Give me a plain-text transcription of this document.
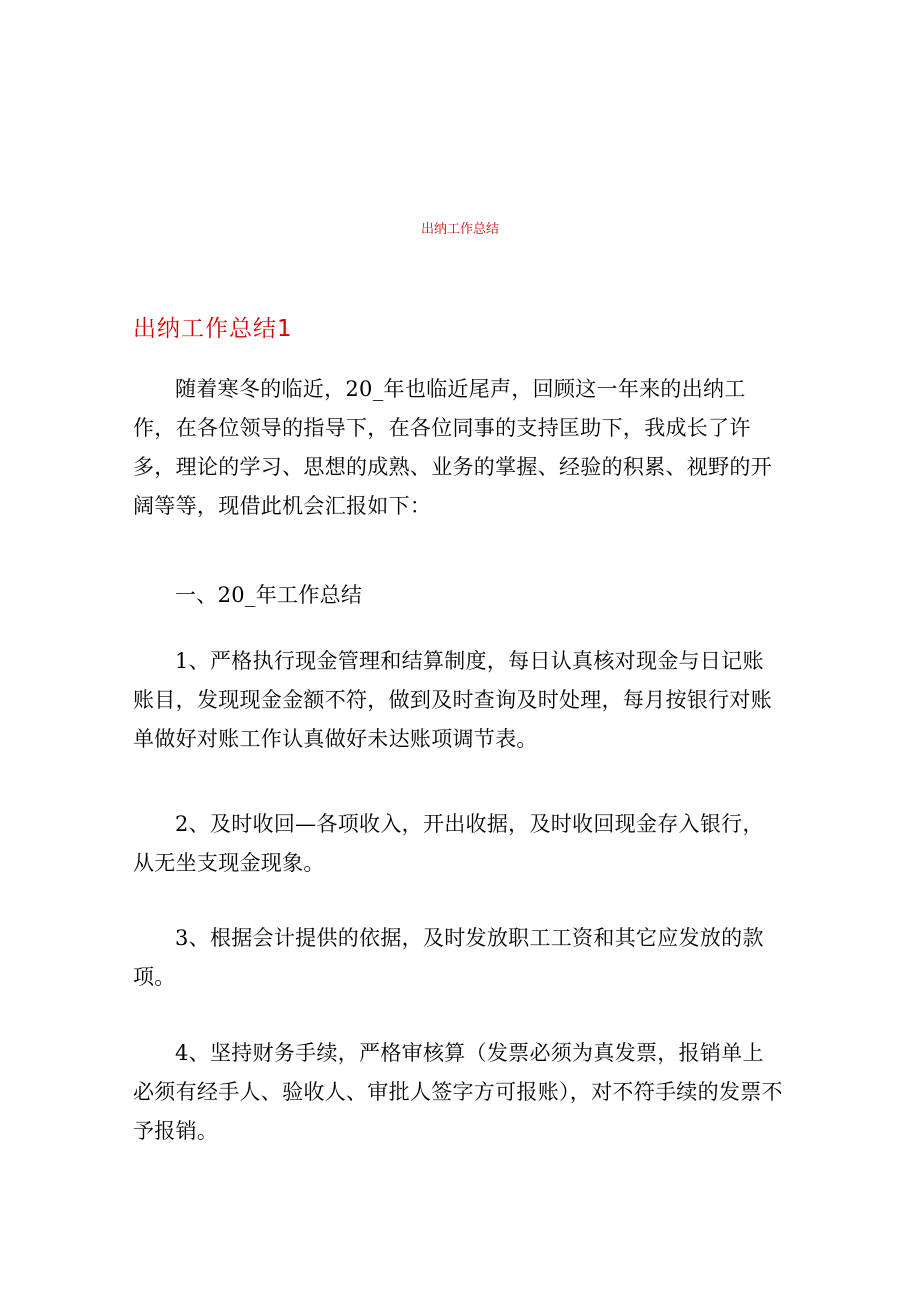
出纳工作总结
出纳工作总结1

随着寒冬的临近，20_年也临近尾声，回顾这一年来的出纳工作，在各位领导的指导下，在各位同事的支持匡助下，我成长了许多，理论的学习、思想的成熟、业务的掌握、经验的积累、视野的开阔等等，现借此机会汇报如下：

一、20_年工作总结

1、严格执行现金管理和结算制度，每日认真核对现金与日记账账目，发现现金金额不符，做到及时查询及时处理，每月按银行对账单做好对账工作认真做好未达账项调节表。

2、及时收回—各项收入，开出收据，及时收回现金存入银行，从无坐支现金现象。

3、根据会计提供的依据，及时发放职工工资和其它应发放的款项。

4、坚持财务手续，严格审核算（发票必须为真发票，报销单上必须有经手人、验收人、审批人签字方可报账），对不符手续的发票不予报销。
